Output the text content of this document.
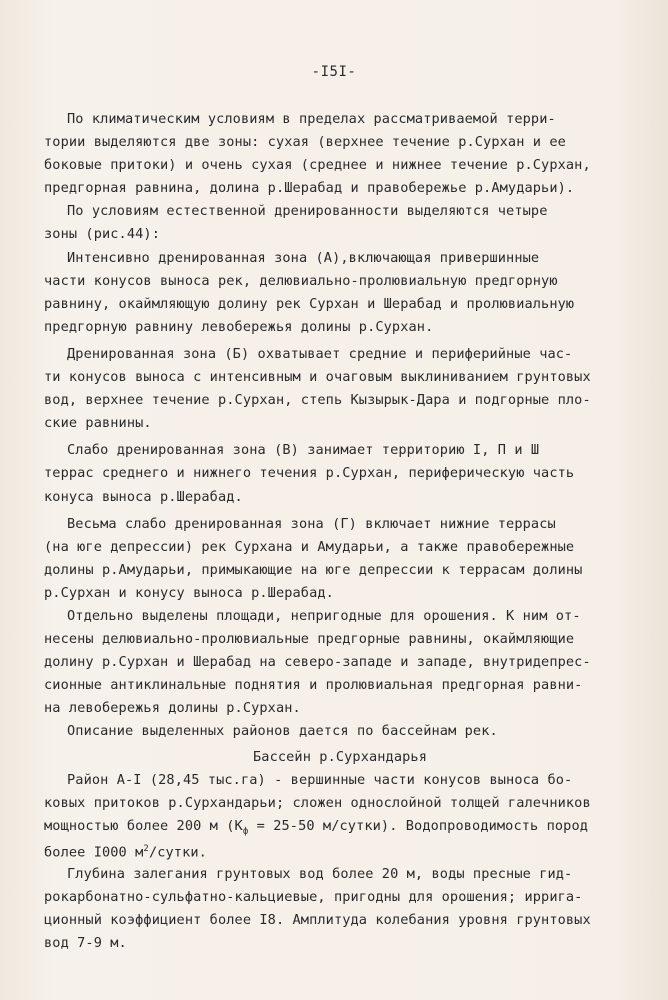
-I5I-
По климатическим условиям в пределах рассматриваемой терри-
тории выделяются две зоны: сухая (верхнее течение р.Сурхан и ее
боковые притоки) и очень сухая (среднее и нижнее течение р.Сурхан,
предгорная равнина, долина р.Шерабад и правобережье р.Амударьи).
По условиям естественной дренированности выделяются четыре
зоны (рис.44):
Интенсивно дренированная зона (А),включающая привершинные
части конусов выноса рек, делювиально-пролювиальную предгорную
равнину, окаймляющую долину рек Сурхан и Шерабад и пролювиальную
предгорную равнину левобережья долины р.Сурхан.
Дренированная зона (Б) охватывает средние и периферийные час-
ти конусов выноса с интенсивным и очаговым выклиниванием грунтовых
вод, верхнее течение р.Сурхан, степь Кызырык-Дара и подгорные пло-
ские равнины.
Слабо дренированная зона (В) занимает территорию I, П и Ш
террас среднего и нижнего течения р.Сурхан, периферическую часть
конуса выноса р.Шерабад.
Весьма слабо дренированная зона (Г) включает нижние террасы
(на юге депрессии) рек Сурхана и Амударьи, а также правобережные
долины р.Амударьи, примыкающие на юге депрессии к террасам долины
р.Сурхан и конусу выноса р.Шерабад.
Отдельно выделены площади, непригодные для орошения. К ним от-
несены делювиально-пролювиальные предгорные равнины, окаймляющие
долину р.Сурхан и Шерабад на северо-западе и западе, внутридепрес-
сионные антиклинальные поднятия и пролювиальная предгорная равни-
на левобережья долины р.Сурхан.
Описание выделенных районов дается по бассейнам рек.
Бассейн р.Сурхандарья
Район А-I (28,45 тыс.га) - вершинные части конусов выноса бо-
ковых притоков р.Сурхандарьи; сложен однослойной толщей галечников
мощностью более 200 м ($К_ф = 25-50$ м/сутки). Водопроводимость пород
более I000 $м^2$/сутки.
Глубина залегания грунтовых вод более 20 м, воды пресные гид-
рокарбонатно-сульфатно-кальциевые, пригодны для орошения; ирригa-
ционный коэффициент более I8. Амплитуда колебания уровня грунтовых
вод 7-9 м.
